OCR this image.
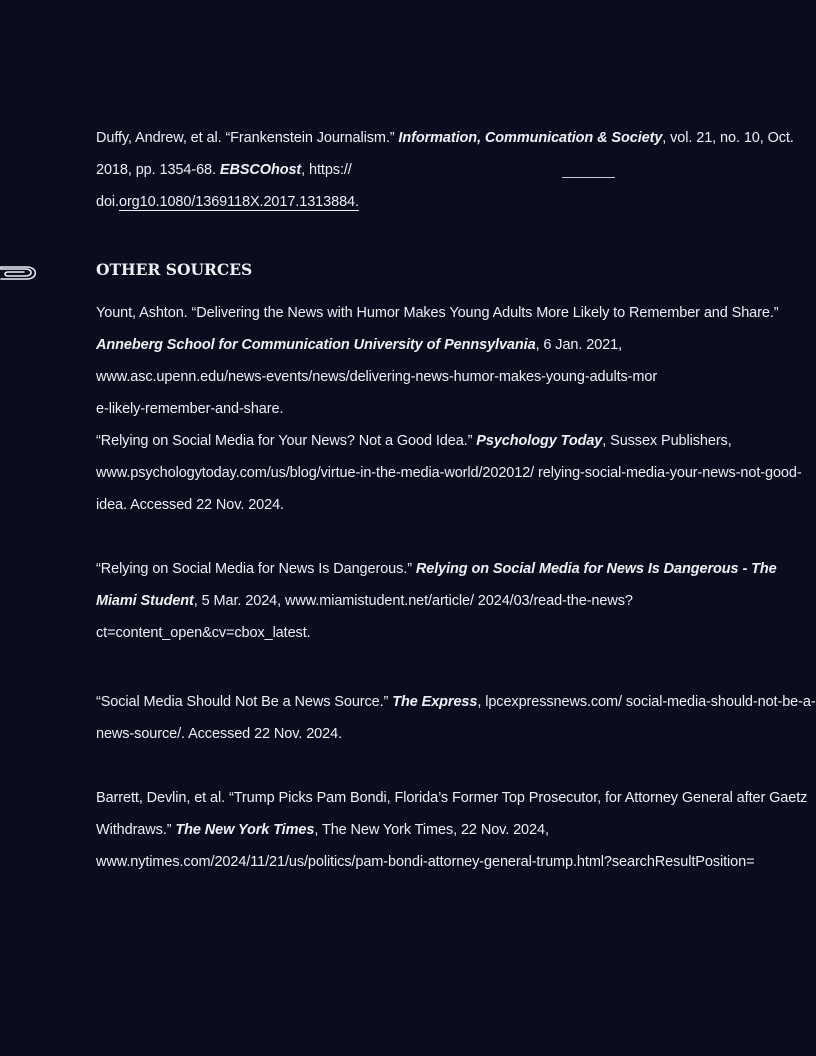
Duffy, Andrew, et al. “Frankenstein Journalism.” Information, Communication & Society, vol. 21, no. 10, Oct. 2018, pp. 1354-68. EBSCOhost, https://
doi.org10.1080/1369118X.2017.1313884.

OTHER SOURCES

Yount, Ashton. “Delivering the News with Humor Makes Young Adults More Likely to Remember and Share.” Anneberg School for Communication University of Pennsylvania, 6 Jan. 2021,
www.asc.upenn.edu/news-events/news/delivering-news-humor-makes-young-adults-mor
e-likely-remember-and-share.

“Relying on Social Media for Your News? Not a Good Idea.” Psychology Today, Sussex Publishers, www.psychologytoday.com/us/blog/virtue-in-the-media-world/202012/ relying-social-media-your-news-not-good-idea. Accessed 22 Nov. 2024.

“Relying on Social Media for News Is Dangerous.” Relying on Social Media for News Is Dangerous - The Miami Student, 5 Mar. 2024, www.miamistudent.net/article/ 2024/03/read-the-news?ct=content_open&cv=cbox_latest.

“Social Media Should Not Be a News Source.” The Express, lpcexpressnews.com/ social-media-should-not-be-a-news-source/. Accessed 22 Nov. 2024.

Barrett, Devlin, et al. “Trump Picks Pam Bondi, Florida’s Former Top Prosecutor, for Attorney General after Gaetz Withdraws.” The New York Times, The New York Times, 22 Nov. 2024,
www.nytimes.com/2024/11/21/us/politics/pam-bondi-attorney-general-trump.html?searchResultPosition=
